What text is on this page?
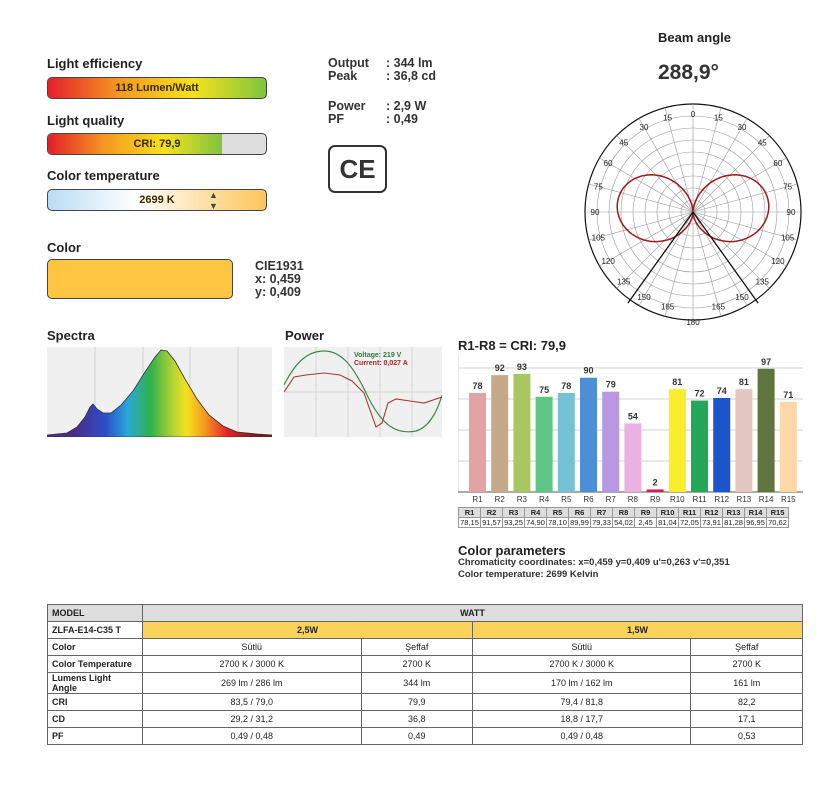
Light efficiency
118 Lumen/Watt
Light quality
CRI: 79,9
Color temperature
2699 K	▲
▼
Color
CIE1931
x: 0,459
y: 0,409
Output : 344 lm
Peak : 36,8 cd
Power : 2,9 W
PF	: 0,49
CE
Beam angle
288,9°
0 15
15
30
30
45
45
60
60
75
75
90
90
105
105
120
120
135
135
150
150
165
165
180
Spectra	Power
Voltage: 219 V
Current: 0,027 A
R1-R8 = CRI: 79,9
78
R1
92
R2
93
R3
75
R4
78
R5
90
R6
79
R7
54
R8
2
R9
81
R10
72
R11
74
R12
81
R13
97
R14
71
R15
R1	R2	R3	R4	R5	R6	R7	R8	R9	R10	R11	R12	R13	R14	R15
78,15	91,57	93,25	74,90	78,10	89,99	79,33	54,02	2,45	81,04	72,05	73,91	81,28	96,95	70,62
Color parameters
Chromaticity coordinates: x=0,459 y=0,409 u'=0,263 v'=0,351
Color temperature: 2699 Kelvin
MODEL	WATT			
ZLFA-E14-C35 T	2,5W		1,5W	
Color	Sütlü	Şeffaf	Sütlü	Şeffaf
Color Temperature	2700 K / 3000 K	2700 K	2700 K / 3000 K	2700 K
Lumens Light Angle	269 lm / 286 lm	344 lm	170 lm / 162 lm	161 lm
CRI	83,5 / 79,0	79,9	79,4 / 81,8	82,2
CD	29,2 / 31,2	36,8	18,8 / 17,7	17,1
PF	0,49 / 0,48	0,49	0,49 / 0,48	0,53
